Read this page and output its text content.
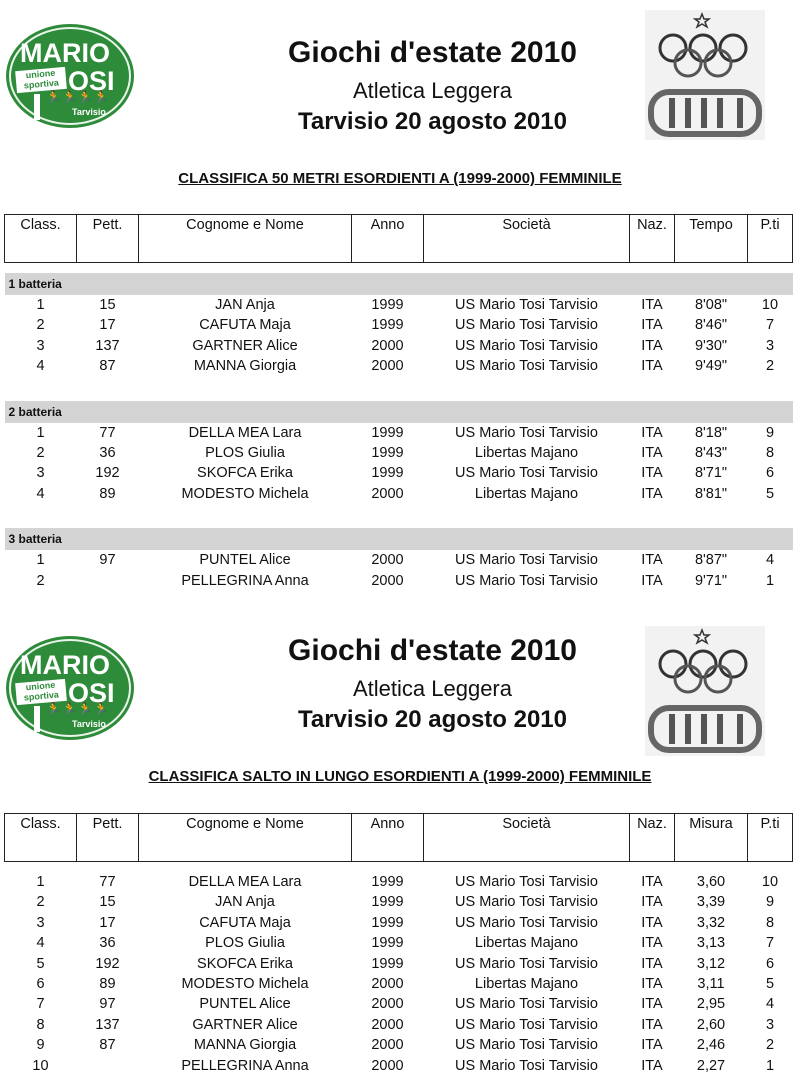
MARIO
unione
sportiva OSI
🏃🏃🏃🏃
Tarvisio
Giochi d'estate 2010
Atletica Leggera
Tarvisio 20 agosto 2010
CLASSIFICA 50 METRI ESORDIENTI A (1999-2000) FEMMINILE
Class.	Pett.	Cognome e Nome	Anno	Società	Naz.	Tempo	P.ti

1 batteria							
1	15	JAN Anja	1999	US Mario Tosi Tarvisio	ITA	8'08"	10
2	17	CAFUTA Maja	1999	US Mario Tosi Tarvisio	ITA	8'46"	7
3	137	GARTNER Alice	2000	US Mario Tosi Tarvisio	ITA	9'30"	3
4	87	MANNA Giorgia	2000	US Mario Tosi Tarvisio	ITA	9'49"	2

2 batteria							
1	77	DELLA MEA Lara	1999	US Mario Tosi Tarvisio	ITA	8'18"	9
2	36	PLOS Giulia	1999	Libertas Majano	ITA	8'43"	8
3	192	SKOFCA Erika	1999	US Mario Tosi Tarvisio	ITA	8'71"	6
4	89	MODESTO Michela	2000	Libertas Majano	ITA	8'81"	5

3 batteria							
1	97	PUNTEL Alice	2000	US Mario Tosi Tarvisio	ITA	8'87"	4
2		PELLEGRINA Anna	2000	US Mario Tosi Tarvisio	ITA	9'71"	1
MARIO
unione
sportiva OSI
🏃🏃🏃🏃
Tarvisio
Giochi d'estate 2010
Atletica Leggera
Tarvisio 20 agosto 2010
CLASSIFICA SALTO IN LUNGO ESORDIENTI A (1999-2000) FEMMINILE
Class.	Pett.	Cognome e Nome	Anno	Società	Naz.	Misura	P.ti

1	77	DELLA MEA Lara	1999	US Mario Tosi Tarvisio	ITA	3,60	10
2	15	JAN Anja	1999	US Mario Tosi Tarvisio	ITA	3,39	9
3	17	CAFUTA Maja	1999	US Mario Tosi Tarvisio	ITA	3,32	8
4	36	PLOS Giulia	1999	Libertas Majano	ITA	3,13	7
5	192	SKOFCA Erika	1999	US Mario Tosi Tarvisio	ITA	3,12	6
6	89	MODESTO Michela	2000	Libertas Majano	ITA	3,11	5
7	97	PUNTEL Alice	2000	US Mario Tosi Tarvisio	ITA	2,95	4
8	137	GARTNER Alice	2000	US Mario Tosi Tarvisio	ITA	2,60	3
9	87	MANNA Giorgia	2000	US Mario Tosi Tarvisio	ITA	2,46	2
10		PELLEGRINA Anna	2000	US Mario Tosi Tarvisio	ITA	2,27	1
